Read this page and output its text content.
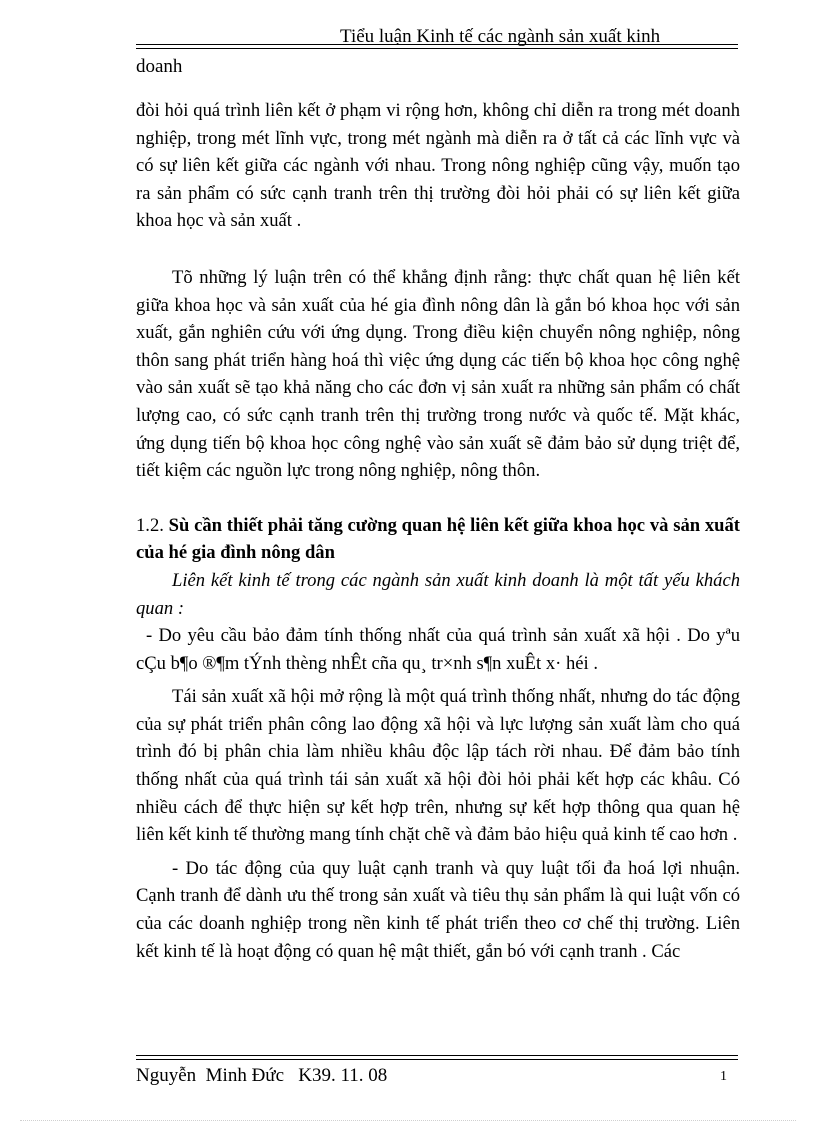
Tiểu luận Kinh tế các ngành sản xuất kinh
doanh

đòi hỏi quá trình liên kết ở phạm vi rộng hơn, không chỉ diễn ra trong mét doanh nghiệp, trong mét lĩnh vực, trong mét ngành mà diễn ra ở tất cả các lĩnh vực và có sự liên kết giữa các ngành với nhau. Trong nông nghiệp cũng vậy, muốn tạo ra sản phẩm có sức cạnh tranh trên thị trường đòi hỏi phải có sự liên kết giữa khoa học và sản xuất .

Tõ những lý luận trên có thể khẳng định rằng: thực chất quan hệ liên kết giữa khoa học và sản xuất của hé gia đình nông dân là gắn bó khoa học với sản xuất, gắn nghiên cứu với ứng dụng. Trong điều kiện chuyển nông nghiệp, nông thôn sang phát triển hàng hoá thì việc ứng dụng các tiến bộ khoa học công nghệ vào sản xuất sẽ tạo khả năng cho các đơn vị sản xuất ra những sản phẩm có chất lượng cao, có sức cạnh tranh trên thị trường trong nước và quốc tế. Mặt khác, ứng dụng tiến bộ khoa học công nghệ vào sản xuất sẽ đảm bảo sử dụng triệt để, tiết kiệm các nguồn lực trong nông nghiệp, nông thôn.

1.2. Sù cần thiết phải tăng cường quan hệ liên kết giữa khoa học và sản xuất của hé gia đình nông dân

Liên kết kinh tế trong các ngành sản xuất kinh doanh là một tất yếu khách quan :

- Do yêu cầu bảo đảm tính thống nhất của quá trình sản xuất xã hội . Do yªu cÇu b¶o ®¶m tÝnh thèng nhÊt cña qu¸ tr×nh s¶n xuÊt x· héi .

Tái sản xuất xã hội mở rộng là một quá trình thống nhất, nhưng do tác động của sự phát triển phân công lao động xã hội và lực lượng sản xuất làm cho quá trình đó bị phân chia làm nhiều khâu độc lập tách rời nhau. Để đảm bảo tính thống nhất của quá trình tái sản xuất xã hội đòi hỏi phải kết hợp các khâu. Có nhiều cách để thực hiện sự kết hợp trên, nhưng sự kết hợp thông qua quan hệ liên kết kinh tế thường mang tính chặt chẽ và đảm bảo hiệu quả kinh tế cao hơn .

- Do tác động của quy luật cạnh tranh và quy luật tối đa hoá lợi nhuận. Cạnh tranh để dành ưu thế trong sản xuất và tiêu thụ sản phẩm là qui luật vốn có của các doanh nghiệp trong nền kinh tế phát triển theo cơ chế thị trường. Liên kết kinh tế là hoạt động có quan hệ mật thiết, gắn bó với cạnh tranh . Các

Nguyễn  Minh Đức   K39. 11. 08	1
